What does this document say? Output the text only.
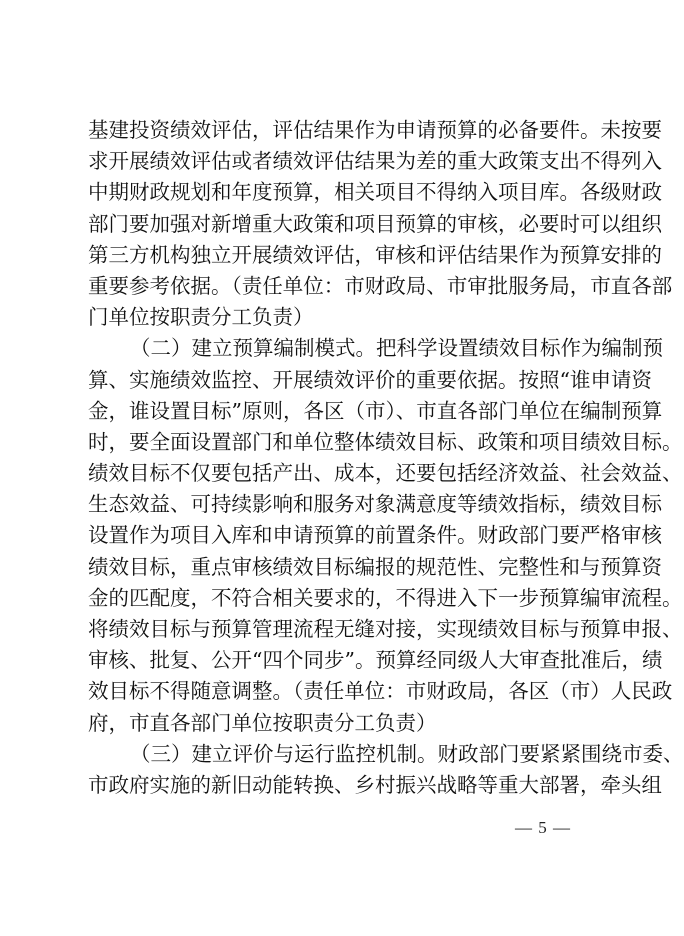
基建投资绩效评估，评估结果作为申请预算的必备要件。未按要
求开展绩效评估或者绩效评估结果为差的重大政策支出不得列入
中期财政规划和年度预算，相关项目不得纳入项目库。各级财政
部门要加强对新增重大政策和项目预算的审核，必要时可以组织
第三方机构独立开展绩效评估，审核和评估结果作为预算安排的
重要参考依据。（责任单位：市财政局、市审批服务局，市直各部
门单位按职责分工负责）
（二）建立预算编制模式。把科学设置绩效目标作为编制预
算、实施绩效监控、开展绩效评价的重要依据。按照“谁申请资
金，谁设置目标”原则，各区（市）、市直各部门单位在编制预算
时，要全面设置部门和单位整体绩效目标、政策和项目绩效目标。
绩效目标不仅要包括产出、成本，还要包括经济效益、社会效益、
生态效益、可持续影响和服务对象满意度等绩效指标，绩效目标
设置作为项目入库和申请预算的前置条件。财政部门要严格审核
绩效目标，重点审核绩效目标编报的规范性、完整性和与预算资
金的匹配度，不符合相关要求的，不得进入下一步预算编审流程。
将绩效目标与预算管理流程无缝对接，实现绩效目标与预算申报、
审核、批复、公开“四个同步”。预算经同级人大审查批准后，绩
效目标不得随意调整。（责任单位：市财政局，各区（市）人民政
府，市直各部门单位按职责分工负责）
（三）建立评价与运行监控机制。财政部门要紧紧围绕市委、
市政府实施的新旧动能转换、乡村振兴战略等重大部署，牵头组
— 5 —
